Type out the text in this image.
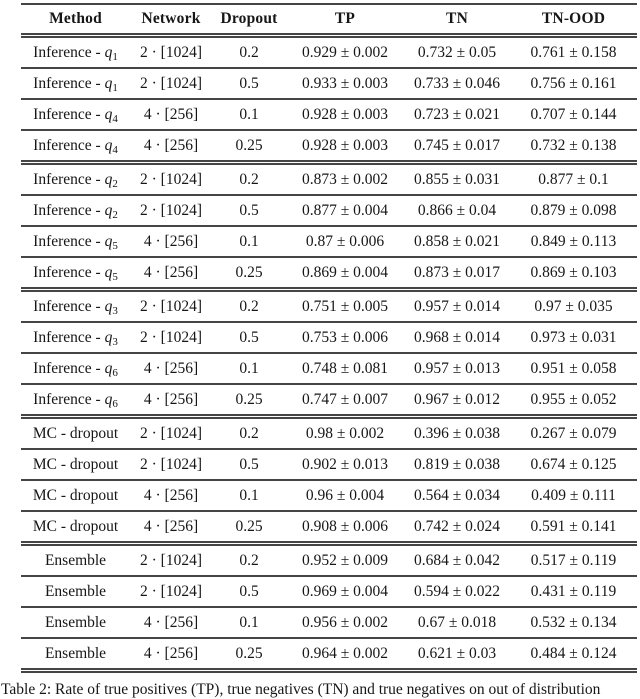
Method	Network	Dropout	TP	TN	TN-OOD
Inference - $q_1$	2 · [1024]	0.2	0.929 ± 0.002	0.732 ± 0.05	0.761 ± 0.158
Inference - $q_1$	2 · [1024]	0.5	0.933 ± 0.003	0.733 ± 0.046	0.756 ± 0.161
Inference - $q_4$	4 · [256]	0.1	0.928 ± 0.003	0.723 ± 0.021	0.707 ± 0.144
Inference - $q_4$	4 · [256]	0.25	0.928 ± 0.003	0.745 ± 0.017	0.732 ± 0.138
Inference - $q_2$	2 · [1024]	0.2	0.873 ± 0.002	0.855 ± 0.031	0.877 ± 0.1
Inference - $q_2$	2 · [1024]	0.5	0.877 ± 0.004	0.866 ± 0.04	0.879 ± 0.098
Inference - $q_5$	4 · [256]	0.1	0.87 ± 0.006	0.858 ± 0.021	0.849 ± 0.113
Inference - $q_5$	4 · [256]	0.25	0.869 ± 0.004	0.873 ± 0.017	0.869 ± 0.103
Inference - $q_3$	2 · [1024]	0.2	0.751 ± 0.005	0.957 ± 0.014	0.97 ± 0.035
Inference - $q_3$	2 · [1024]	0.5	0.753 ± 0.006	0.968 ± 0.014	0.973 ± 0.031
Inference - $q_6$	4 · [256]	0.1	0.748 ± 0.081	0.957 ± 0.013	0.951 ± 0.058
Inference - $q_6$	4 · [256]	0.25	0.747 ± 0.007	0.967 ± 0.012	0.955 ± 0.052
MC - dropout	2 · [1024]	0.2	0.98 ± 0.002	0.396 ± 0.038	0.267 ± 0.079
MC - dropout	2 · [1024]	0.5	0.902 ± 0.013	0.819 ± 0.038	0.674 ± 0.125
MC - dropout	4 · [256]	0.1	0.96 ± 0.004	0.564 ± 0.034	0.409 ± 0.111
MC - dropout	4 · [256]	0.25	0.908 ± 0.006	0.742 ± 0.024	0.591 ± 0.141
Ensemble	2 · [1024]	0.2	0.952 ± 0.009	0.684 ± 0.042	0.517 ± 0.119
Ensemble	2 · [1024]	0.5	0.969 ± 0.004	0.594 ± 0.022	0.431 ± 0.119
Ensemble	4 · [256]	0.1	0.956 ± 0.002	0.67 ± 0.018	0.532 ± 0.134
Ensemble	4 · [256]	0.25	0.964 ± 0.002	0.621 ± 0.03	0.484 ± 0.124
Table 2: Rate of true positives (TP), true negatives (TN) and true negatives on out of distribution
